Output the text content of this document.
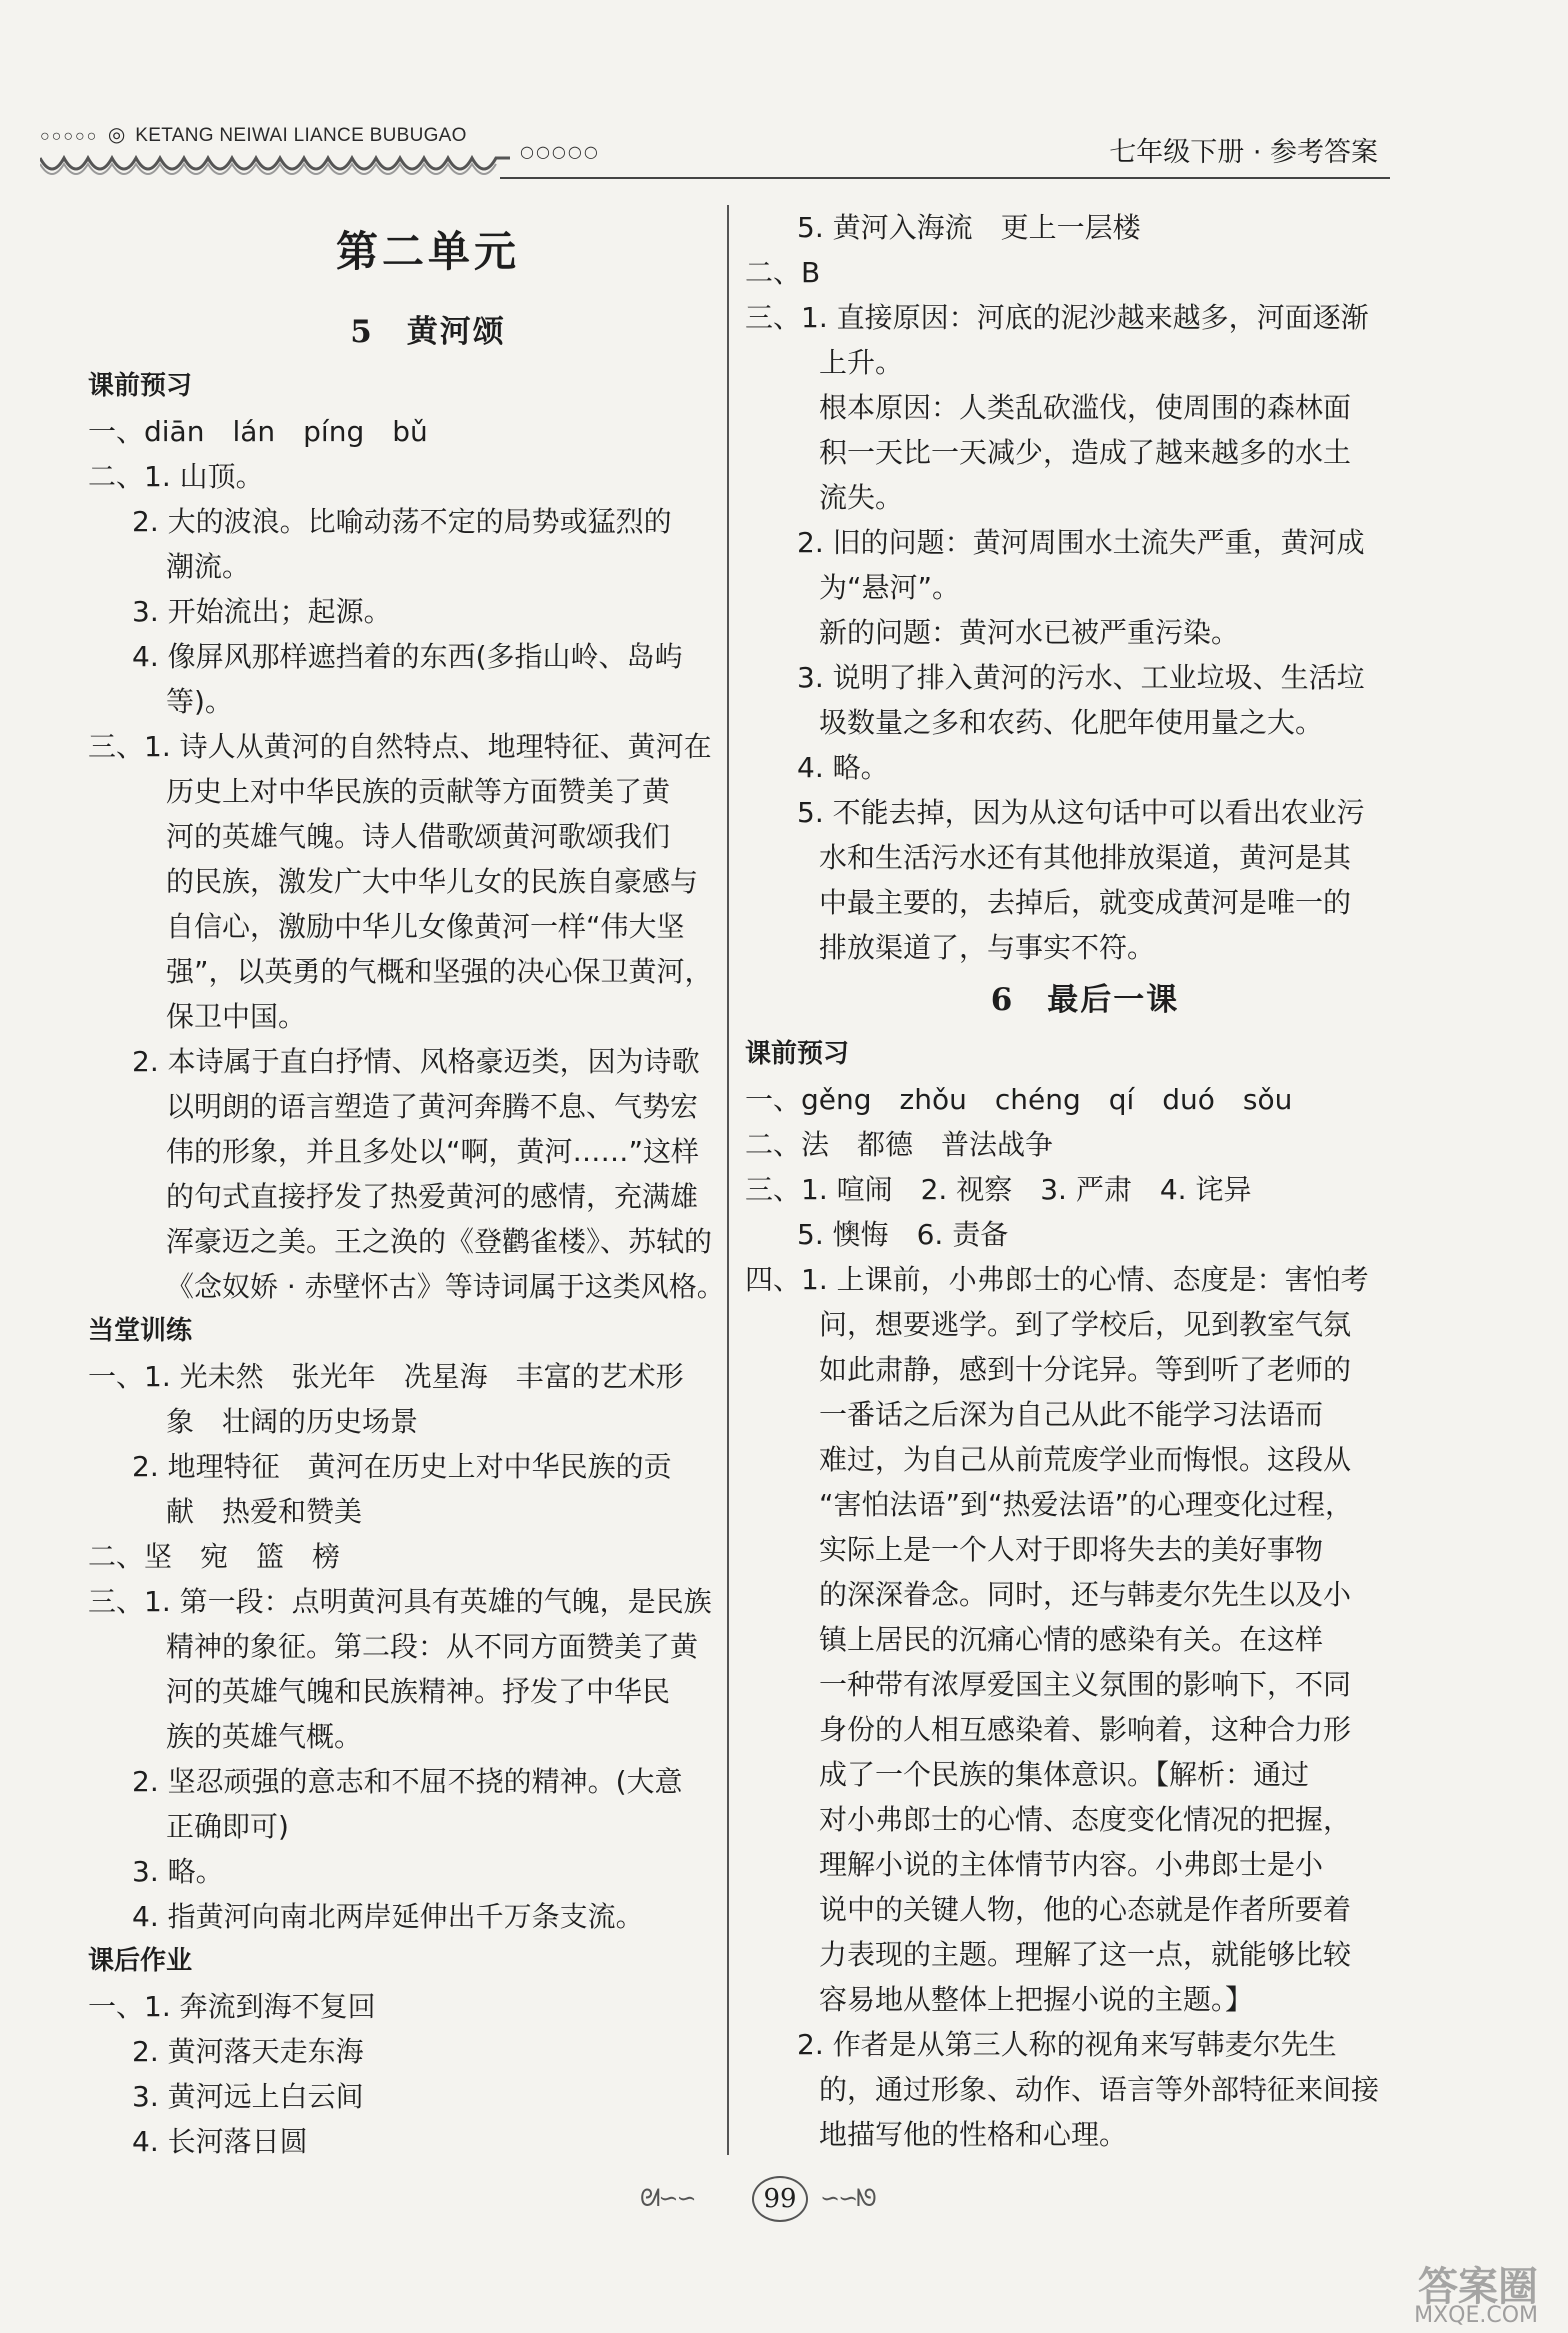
○○○○○ ◎ KETANG NEIWAI LIANCE BUBUGAO
○○○○○	七年级下册 · 参考答案
第二单元
5　黄河颂
课前预习
一、diān　lán　píng　bǔ
二、1. 山顶。
2. 大的波浪。比喻动荡不定的局势或猛烈的
潮流。
3. 开始流出；起源。
4. 像屏风那样遮挡着的东西(多指山岭、岛屿
等)。
三、1. 诗人从黄河的自然特点、地理特征、黄河在
历史上对中华民族的贡献等方面赞美了黄
河的英雄气魄。诗人借歌颂黄河歌颂我们
的民族，激发广大中华儿女的民族自豪感与
自信心，激励中华儿女像黄河一样“伟大坚
强”，以英勇的气概和坚强的决心保卫黄河，
保卫中国。
2. 本诗属于直白抒情、风格豪迈类，因为诗歌
以明朗的语言塑造了黄河奔腾不息、气势宏
伟的形象，并且多处以“啊，黄河……”这样
的句式直接抒发了热爱黄河的感情，充满雄
浑豪迈之美。王之涣的《登鹳雀楼》、苏轼的
《念奴娇 · 赤壁怀古》等诗词属于这类风格。
当堂训练
一、1. 光未然　张光年　冼星海　丰富的艺术形
象　壮阔的历史场景
2. 地理特征　黄河在历史上对中华民族的贡
献　热爱和赞美
二、坚　宛　篮　榜
三、1. 第一段：点明黄河具有英雄的气魄，是民族
精神的象征。第二段：从不同方面赞美了黄
河的英雄气魄和民族精神。抒发了中华民
族的英雄气概。
2. 坚忍顽强的意志和不屈不挠的精神。(大意
正确即可)
3. 略。
4. 指黄河向南北两岸延伸出千万条支流。
课后作业
一、1. 奔流到海不复回
2. 黄河落天走东海
3. 黄河远上白云间
4. 长河落日圆
5. 黄河入海流　更上一层楼
二、B
三、1. 直接原因：河底的泥沙越来越多，河面逐渐
上升。
根本原因：人类乱砍滥伐，使周围的森林面
积一天比一天减少，造成了越来越多的水土
流失。
2. 旧的问题：黄河周围水土流失严重，黄河成
为“悬河”。
新的问题：黄河水已被严重污染。
3. 说明了排入黄河的污水、工业垃圾、生活垃
圾数量之多和农药、化肥年使用量之大。
4. 略。
5. 不能去掉，因为从这句话中可以看出农业污
水和生活污水还有其他排放渠道，黄河是其
中最主要的，去掉后，就变成黄河是唯一的
排放渠道了，与事实不符。
6　最后一课
课前预习
一、gěng　zhǒu　chéng　qí　duó　sǒu
二、法　都德　普法战争
三、1. 喧闹　2. 视察　3. 严肃　4. 诧异
5. 懊悔　6. 责备
四、1. 上课前，小弗郎士的心情、态度是：害怕考
问，想要逃学。到了学校后，见到教室气氛
如此肃静，感到十分诧异。等到听了老师的
一番话之后深为自己从此不能学习法语而
难过，为自己从前荒废学业而悔恨。这段从
“害怕法语”到“热爱法语”的心理变化过程，
实际上是一个人对于即将失去的美好事物
的深深眷念。同时，还与韩麦尔先生以及小
镇上居民的沉痛心情的感染有关。在这样
一种带有浓厚爱国主义氛围的影响下，不同
身份的人相互感染着、影响着，这种合力形
成了一个民族的集体意识。【解析：通过
对小弗郎士的心情、态度变化情况的把握，
理解小说的主体情节内容。小弗郎士是小
说中的关键人物，他的心态就是作者所要着
力表现的主题。理解了这一点，就能够比较
容易地从整体上把握小说的主题。】
2. 作者是从第三人称的视角来写韩麦尔先生
的，通过形象、动作、语言等外部特征来间接
地描写他的性格和心理。
ᘛ∽∽	99 ∽∽ᘚ
答案圈
MXQE.COM
